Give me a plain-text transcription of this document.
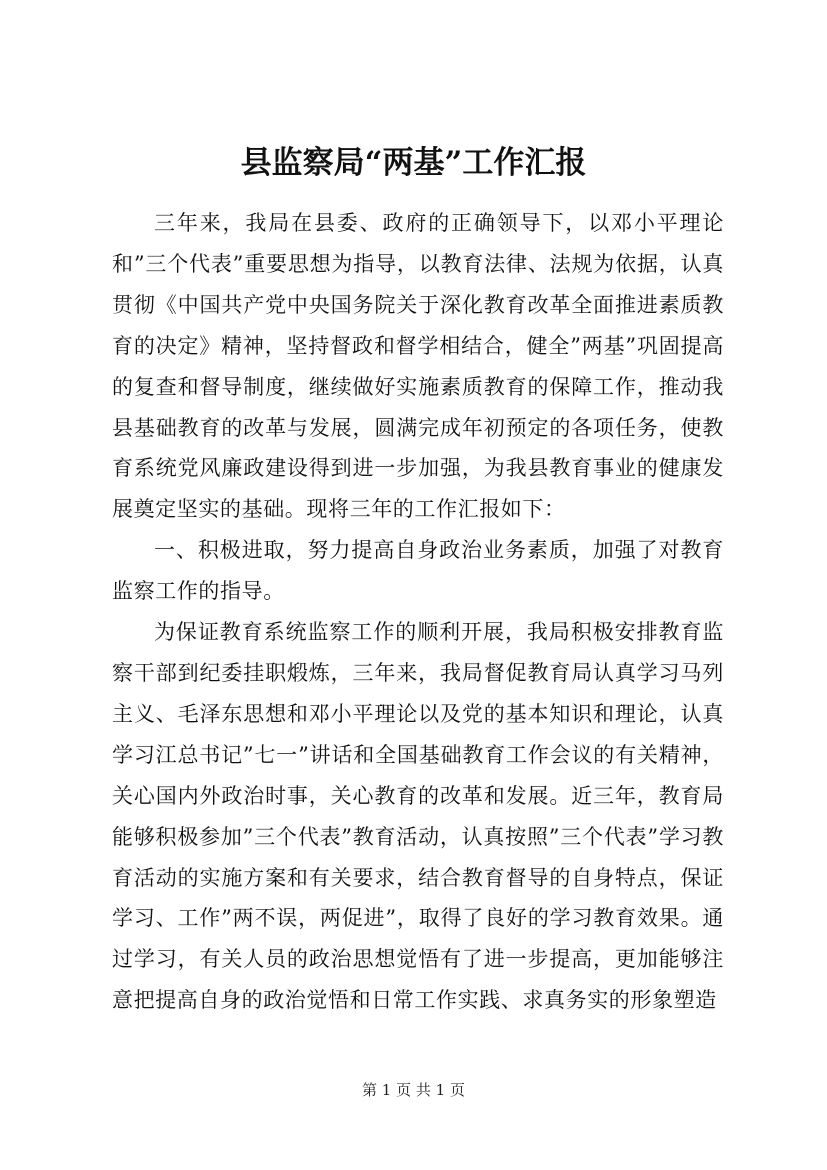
县监察局“两基”工作汇报

三年来，我局在县委、政府的正确领导下，以邓小平理论和”三个代表”重要思想为指导，以教育法律、法规为依据，认真贯彻《中国共产党中央国务院关于深化教育改革全面推进素质教育的决定》精神，坚持督政和督学相结合，健全”两基”巩固提高的复查和督导制度，继续做好实施素质教育的保障工作，推动我县基础教育的改革与发展，圆满完成年初预定的各项任务，使教育系统党风廉政建设得到进一步加强，为我县教育事业的健康发展奠定坚实的基础。现将三年的工作汇报如下：

一、积极进取，努力提高自身政治业务素质，加强了对教育监察工作的指导。

为保证教育系统监察工作的顺利开展，我局积极安排教育监察干部到纪委挂职煅炼，三年来，我局督促教育局认真学习马列主义、毛泽东思想和邓小平理论以及党的基本知识和理论，认真学习江总书记”七一”讲话和全国基础教育工作会议的有关精神，关心国内外政治时事，关心教育的改革和发展。近三年，教育局能够积极参加”三个代表”教育活动，认真按照”三个代表”学习教育活动的实施方案和有关要求，结合教育督导的自身特点，保证学习、工作”两不误，两促进”，取得了良好的学习教育效果。通过学习，有关人员的政治思想觉悟有了进一步提高，更加能够注意把提高自身的政治觉悟和日常工作实践、求真务实的形象塑造

第 1 页 共 1 页
